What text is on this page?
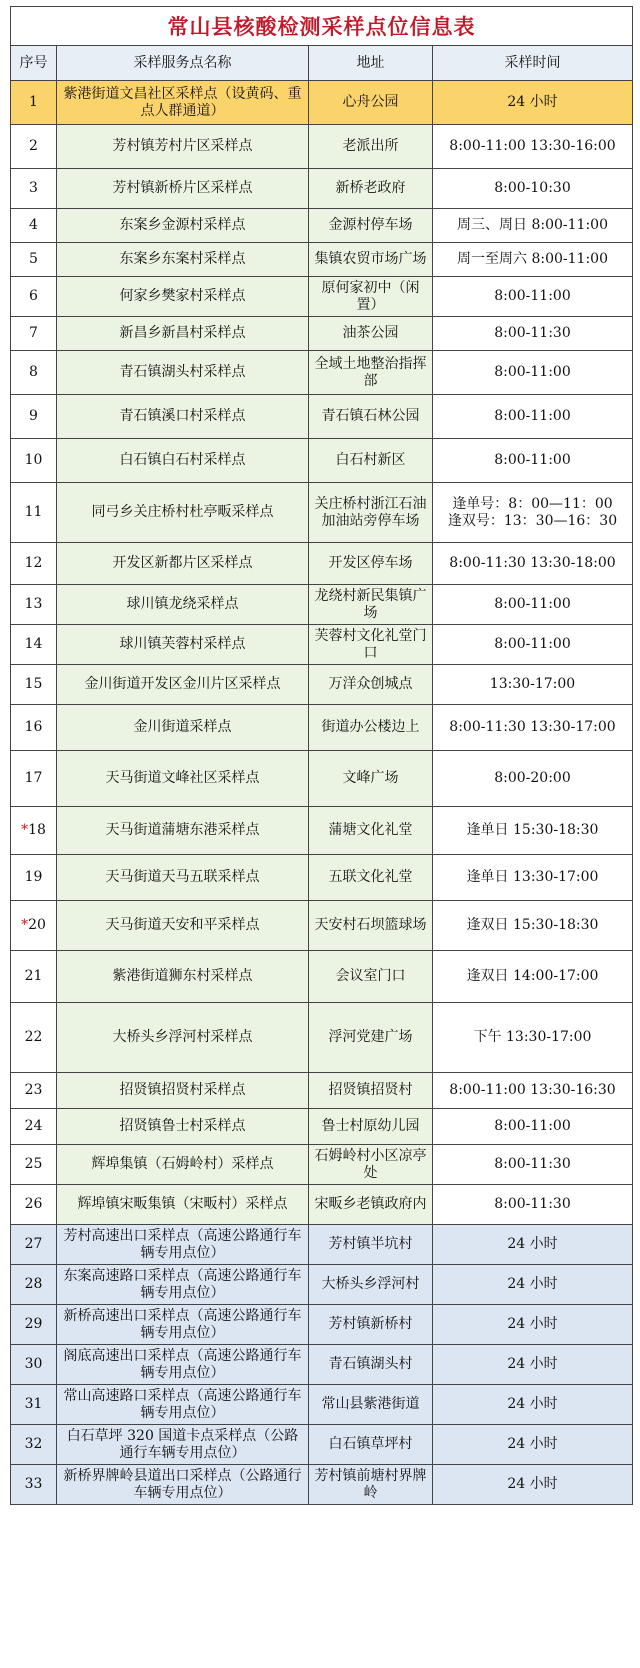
常山县核酸检测采样点位信息表			
序号	采样服务点名称	地址	采样时间
1	紫港街道文昌社区采样点（设黄码、重点人群通道）	心舟公园	24 小时
2	芳村镇芳村片区采样点	老派出所	8:00-11:00 13:30-16:00
3	芳村镇新桥片区采样点	新桥老政府	8:00-10:30
4	东案乡金源村采样点	金源村停车场	周三、周日 8:00-11:00
5	东案乡东案村采样点	集镇农贸市场广场	周一至周六 8:00-11:00
6	何家乡樊家村采样点	原何家初中（闲置）	8:00-11:00
7	新昌乡新昌村采样点	油茶公园	8:00-11:30
8	青石镇湖头村采样点	全域土地整治指挥部	8:00-11:00
9	青石镇溪口村采样点	青石镇石林公园	8:00-11:00
10	白石镇白石村采样点	白石村新区	8:00-11:00
11	同弓乡关庄桥村杜亭畈采样点	关庄桥村浙江石油加油站旁停车场	逢单号：8：00—11：00
逢双号：13：30—16：30
12	开发区新都片区采样点	开发区停车场	8:00-11:30 13:30-18:00
13	球川镇龙绕采样点	龙绕村新民集镇广场	8:00-11:00
14	球川镇芙蓉村采样点	芙蓉村文化礼堂门口	8:00-11:00
15	金川街道开发区金川片区采样点	万洋众创城点	13:30-17:00
16	金川街道采样点	街道办公楼边上	8:00-11:30 13:30-17:00
17	天马街道文峰社区采样点	文峰广场	8:00-20:00
*18	天马街道蒲塘东港采样点	蒲塘文化礼堂	逢单日 15:30-18:30
19	天马街道天马五联采样点	五联文化礼堂	逢单日 13:30-17:00
*20	天马街道天安和平采样点	天安村石坝篮球场	逢双日 15:30-18:30
21	紫港街道狮东村采样点	会议室门口	逢双日 14:00-17:00
22	大桥头乡浮河村采样点	浮河党建广场	下午 13:30-17:00
23	招贤镇招贤村采样点	招贤镇招贤村	8:00-11:00 13:30-16:30
24	招贤镇鲁士村采样点	鲁士村原幼儿园	8:00-11:00
25	辉埠集镇（石姆岭村）采样点	石姆岭村小区凉亭处	8:00-11:30
26	辉埠镇宋畈集镇（宋畈村）采样点	宋畈乡老镇政府内	8:00-11:30
27	芳村高速出口采样点（高速公路通行车辆专用点位）	芳村镇半坑村	24 小时
28	东案高速路口采样点（高速公路通行车辆专用点位）	大桥头乡浮河村	24 小时
29	新桥高速出口采样点（高速公路通行车辆专用点位）	芳村镇新桥村	24 小时
30	阁底高速出口采样点（高速公路通行车辆专用点位）	青石镇湖头村	24 小时
31	常山高速路口采样点（高速公路通行车辆专用点位）	常山县紫港街道	24 小时
32	白石草坪 320 国道卡点采样点（公路通行车辆专用点位）	白石镇草坪村	24 小时
33	新桥界牌岭县道出口采样点（公路通行车辆专用点位）	芳村镇前塘村界牌岭	24 小时
